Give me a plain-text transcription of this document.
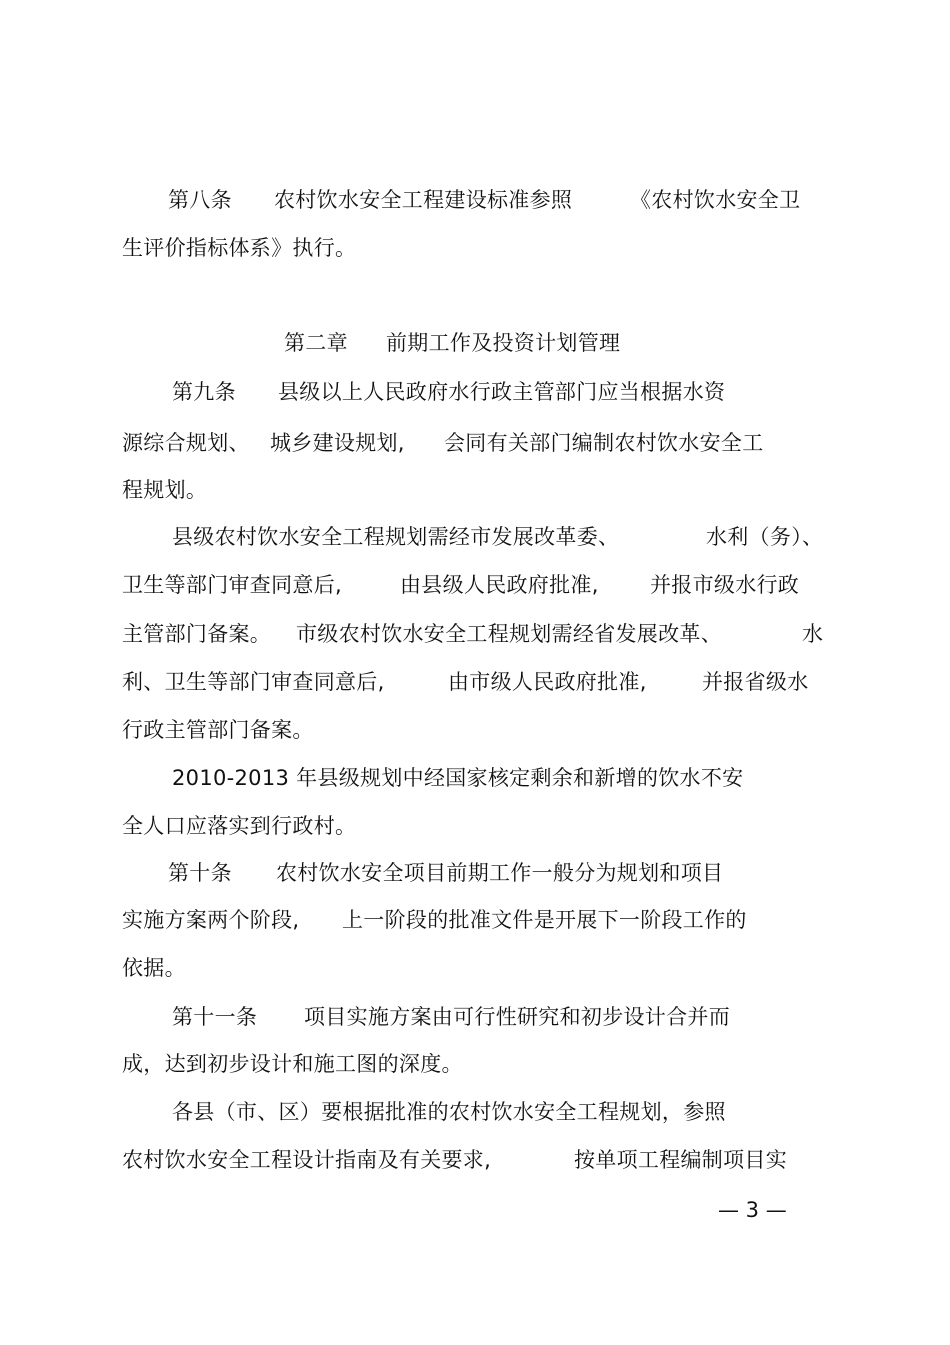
第八条

农村饮水安全工程建设标准参照

	《农村饮水安全卫

生评价指标体系》执行。

第二章

前期工作及投资计划管理

第九条

县级以上人民政府水行政主管部门应当根据水资

源综合规划、

城乡建设规划,

会同有关部门编制农村饮水安全工

程规划。

县级农村饮水安全工程规划需经市发展改革委、

	水利（务）、

卫生等部门审查同意后,

	由县级人民政府批准,

并报市级水行政

主管部门备案。

市级农村饮水安全工程规划需经省发展改革、

	水

利、卫生等部门审查同意后,

	由市级人民政府批准,

	并报省级水

行政主管部门备案。
2010-2013 年县级规划中经国家核定剩余和新增的饮水不安
全人口应落实到行政村。

第十条

农村饮水安全项目前期工作一般分为规划和项目

实施方案两个阶段,

上一阶段的批准文件是开展下一阶段工作的

依据。

第十一条

项目实施方案由可行性研究和初步设计合并而

成，达到初步设计和施工图的深度。
各县（市、区）要根据批准的农村饮水安全工程规划，参照

农村饮水安全工程设计指南及有关要求,

	按单项工程编制项目实

— 3 —
